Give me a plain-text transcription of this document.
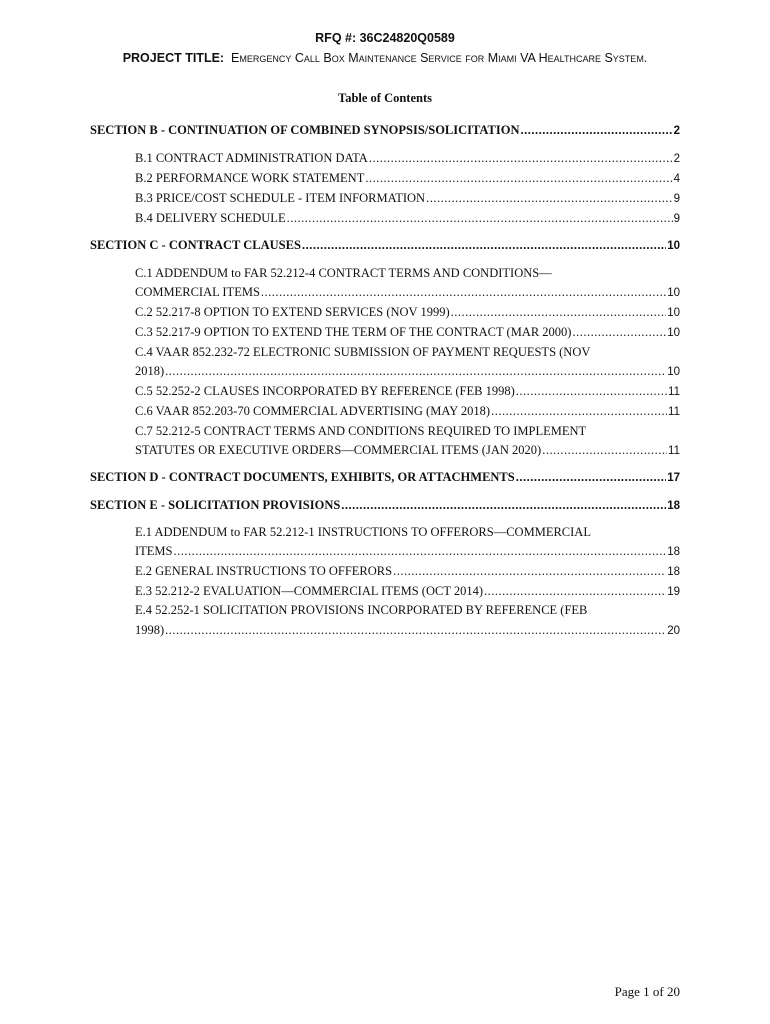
RFQ #: 36C24820Q0589
PROJECT TITLE: Emergency Call Box Maintenance Service for Miami VA Healthcare System.
Table of Contents
SECTION B - CONTINUATION OF COMBINED SYNOPSIS/SOLICITATION .....	2
B.1 CONTRACT ADMINISTRATION DATA .....	2
B.2 PERFORMANCE WORK STATEMENT .....	4
B.3 PRICE/COST SCHEDULE - ITEM INFORMATION .....	9
B.4 DELIVERY SCHEDULE .....	9
SECTION C - CONTRACT CLAUSES .....	10
C.1 ADDENDUM to FAR 52.212-4 CONTRACT TERMS AND CONDITIONS—
COMMERCIAL ITEMS .....	10
C.2 52.217-8 OPTION TO EXTEND SERVICES (NOV 1999) .....	10
C.3 52.217-9 OPTION TO EXTEND THE TERM OF THE CONTRACT (MAR 2000) .....	10
C.4 VAAR 852.232-72 ELECTRONIC SUBMISSION OF PAYMENT REQUESTS (NOV
2018) .....	10
C.5 52.252-2 CLAUSES INCORPORATED BY REFERENCE (FEB 1998) .....	11
C.6 VAAR 852.203-70 COMMERCIAL ADVERTISING (MAY 2018) .....	11
C.7 52.212-5 CONTRACT TERMS AND CONDITIONS REQUIRED TO IMPLEMENT
STATUTES OR EXECUTIVE ORDERS—COMMERCIAL ITEMS (JAN 2020) .....	11
SECTION D - CONTRACT DOCUMENTS, EXHIBITS, OR ATTACHMENTS .....	17
SECTION E - SOLICITATION PROVISIONS .....	18
E.1 ADDENDUM to FAR 52.212-1 INSTRUCTIONS TO OFFERORS—COMMERCIAL
ITEMS .....	18
E.2 GENERAL INSTRUCTIONS TO OFFERORS .....	18
E.3 52.212-2 EVALUATION—COMMERCIAL ITEMS (OCT 2014) .....	19
E.4 52.252-1 SOLICITATION PROVISIONS INCORPORATED BY REFERENCE (FEB
1998) .....	20
Page 1 of 20
